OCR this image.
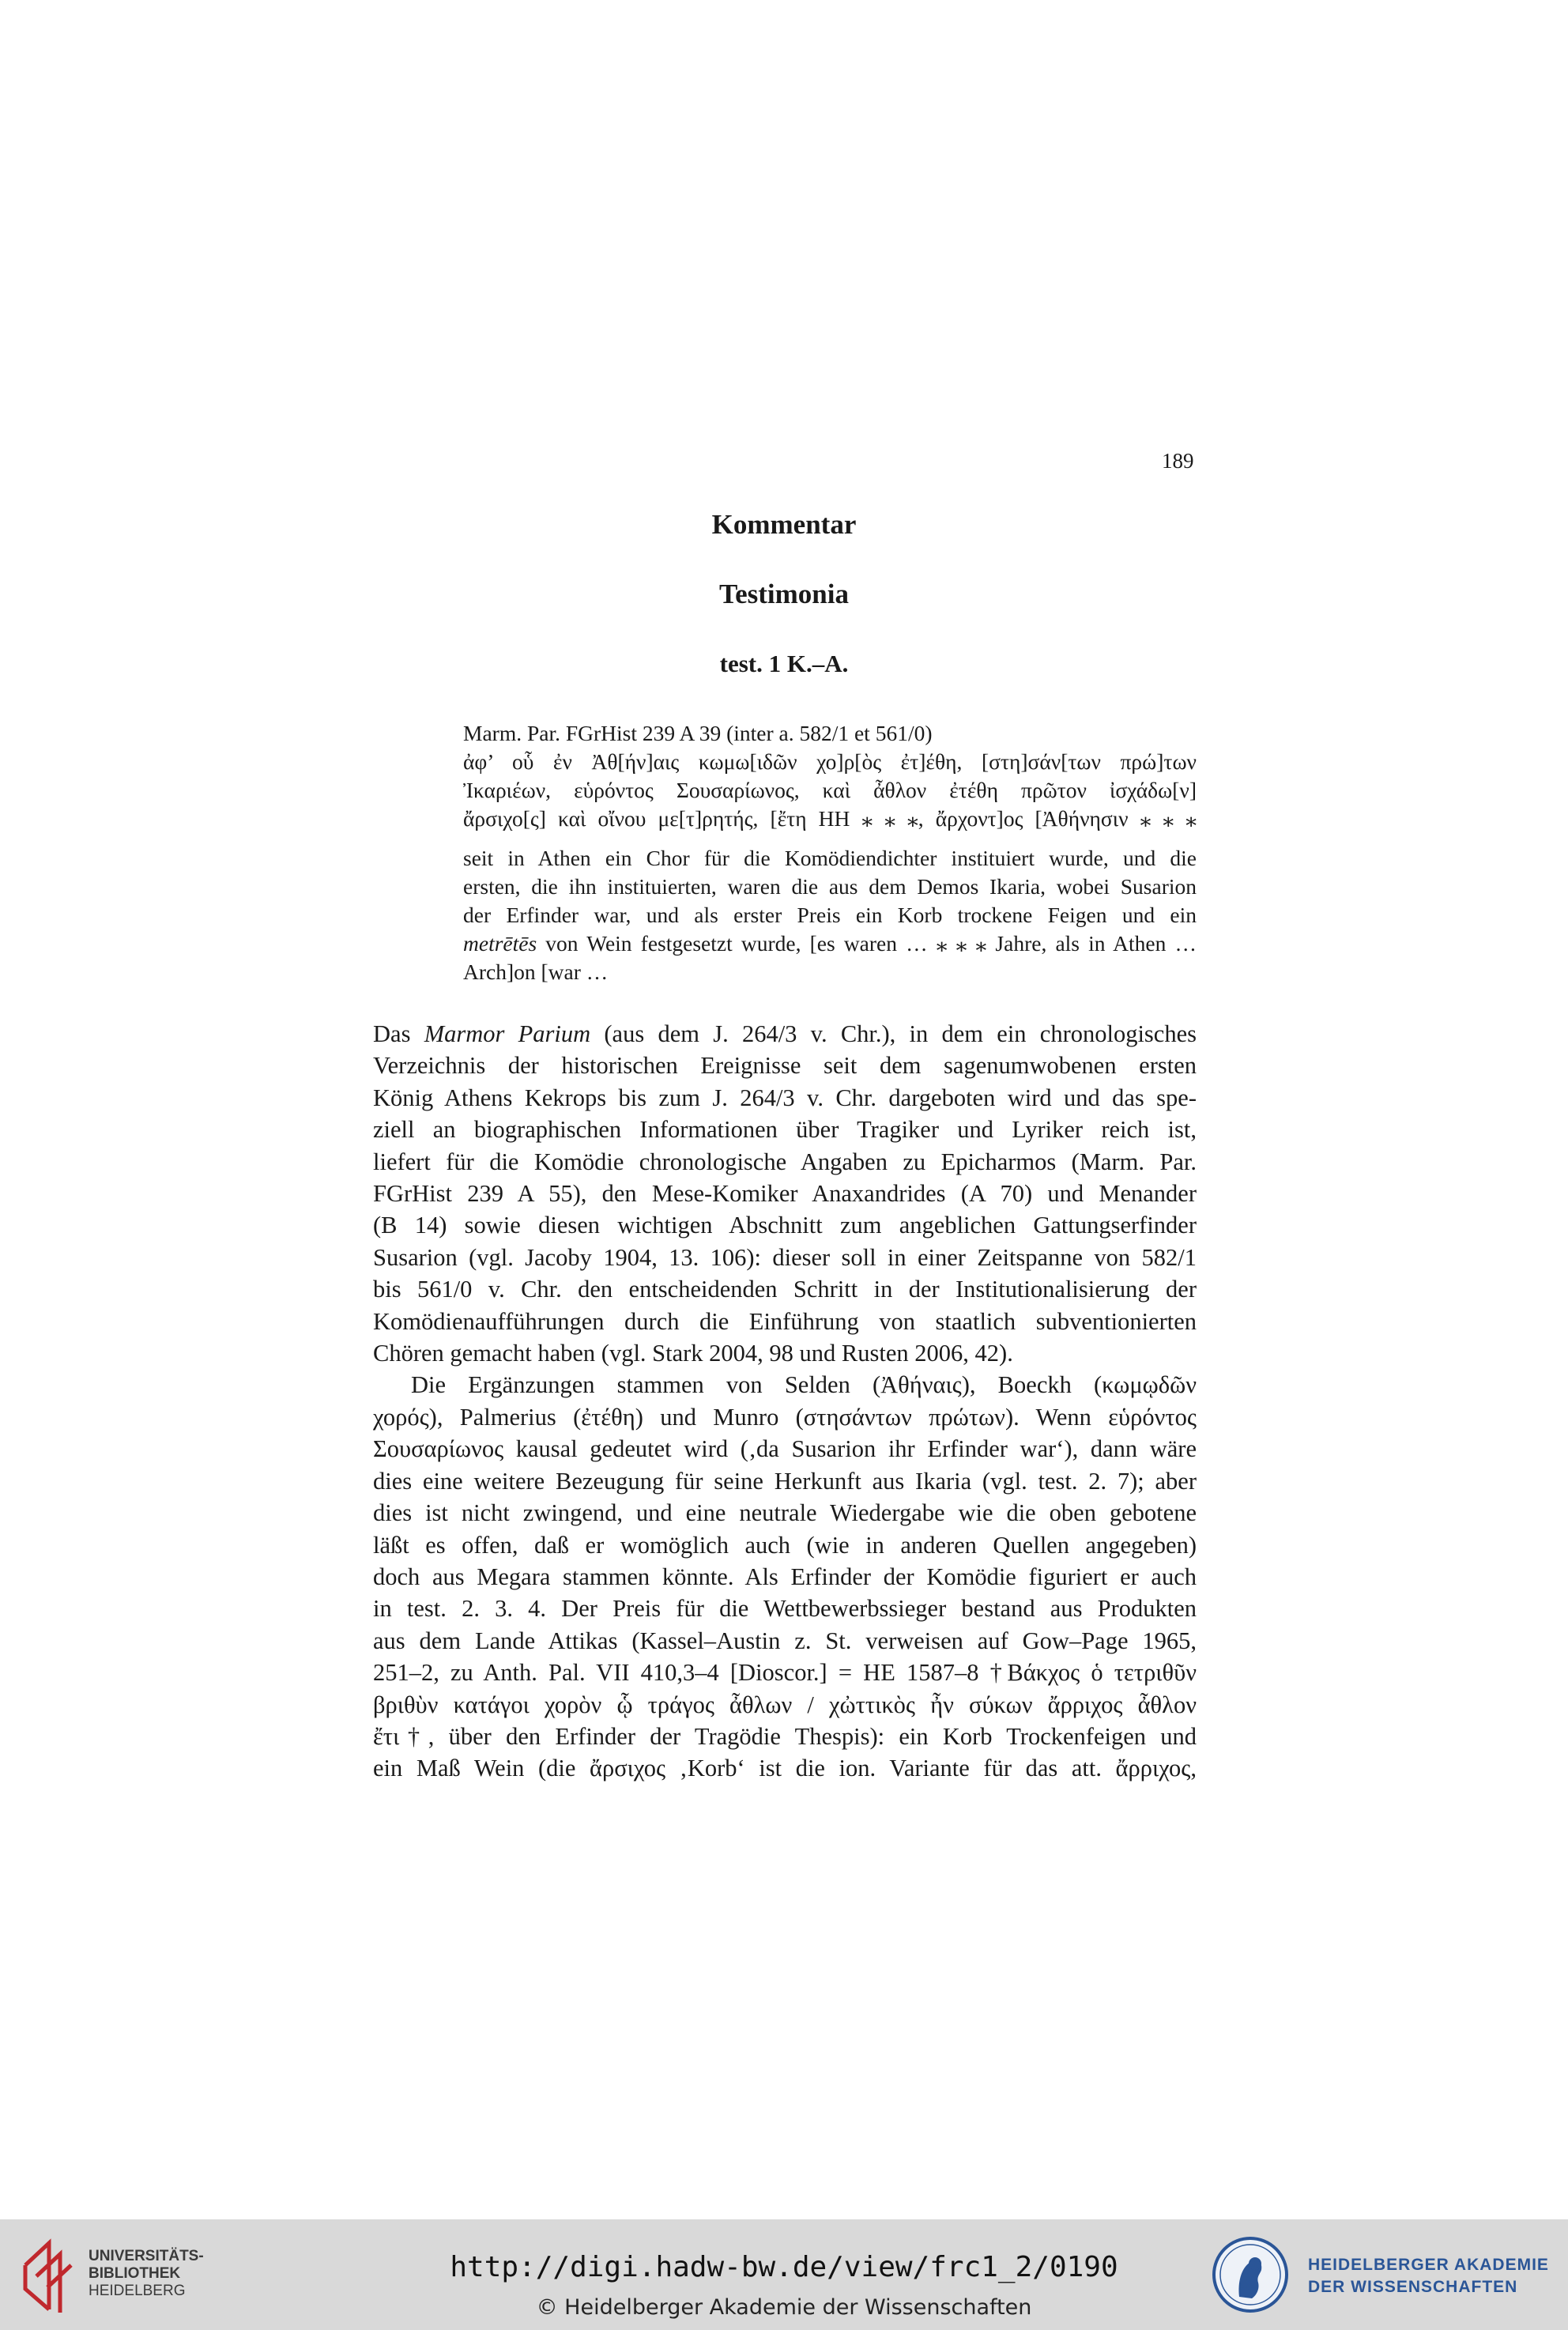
189
Kommentar
Testimonia
test. 1 K.–A.
Marm. Par. FGrHist 239 A 39 (inter a. 582/1 et 561/0)
ἀφ’ οὗ ἐν Ἀθ[ήν]αις κωμω[ιδῶν χο]ρ[ὸς ἐτ]έθη, [στη]σάν[των πρώ]των
Ἰκαριέων, εὑρόντος Σουσαρίωνος, καὶ ἆθλον ἐτέθη πρῶτον ἰσχάδω[ν]
ἄρσιχο[ς] καὶ οἴνου με[τ]ρητής, [ἔτη HH ⁎ ⁎ ⁎, ἄρχοντ]ος [Ἀθήνησιν ⁎ ⁎ ⁎
seit in Athen ein Chor für die Komödiendichter instituiert wurde, und die
ersten, die ihn instituierten, waren die aus dem Demos Ikaria, wobei Susarion
der Erfinder war, und als erster Preis ein Korb trockene Feigen und ein
metrētēs von Wein festgesetzt wurde, [es waren … ⁎ ⁎ ⁎ Jahre, als in Athen …
Arch]on [war …
Das Marmor Parium (aus dem J. 264/3 v. Chr.), in dem ein chronologisches
Verzeichnis der historischen Ereignisse seit dem sagenumwobenen ersten
König Athens Kekrops bis zum J. 264/3 v. Chr. dargeboten wird und das spe-
ziell an biographischen Informationen über Tragiker und Lyriker reich ist,
liefert für die Komödie chronologische Angaben zu Epicharmos (Marm. Par.
FGrHist 239 A 55), den Mese-Komiker Anaxandrides (A 70) und Menander
(B 14) sowie diesen wichtigen Abschnitt zum angeblichen Gattungserfinder
Susarion (vgl. Jacoby 1904, 13. 106): dieser soll in einer Zeitspanne von 582/1
bis 561/0 v. Chr. den entscheidenden Schritt in der Institutionalisierung der
Komödienaufführungen durch die Einführung von staatlich subventionierten
Chören gemacht haben (vgl. Stark 2004, 98 und Rusten 2006, 42).
Die Ergänzungen stammen von Selden (Ἀθήναις), Boeckh (κωμῳδῶν
χορός), Palmerius (ἐτέθη) und Munro (στησάντων πρώτων). Wenn εὑρόντος
Σουσαρίωνος kausal gedeutet wird (‚da Susarion ihr Erfinder war‘), dann wäre
dies eine weitere Bezeugung für seine Herkunft aus Ikaria (vgl. test. 2. 7); aber
dies ist nicht zwingend, und eine neutrale Wiedergabe wie die oben gebotene
läßt es offen, daß er womöglich auch (wie in anderen Quellen angegeben)
doch aus Megara stammen könnte. Als Erfinder der Komödie figuriert er auch
in test. 2. 3. 4. Der Preis für die Wettbewerbssieger bestand aus Produkten
aus dem Lande Attikas (Kassel–Austin z. St. verweisen auf Gow–Page 1965,
251–2, zu Anth. Pal. VII 410,3–4 [Dioscor.] = HE 1587–8 †Βάκχος ὁ τετριθῦν
βριθὺν κατάγοι χορὸν ᾧ τράγος ἆθλων / χὠττικὸς ἦν σύκων ἄρριχος ἆθλον
ἔτι†, über den Erfinder der Tragödie Thespis): ein Korb Trockenfeigen und
ein Maß Wein (die ἄρσιχος ‚Korb‘ ist die ion. Variante für das att. ἄρριχος,
UNIVERSITÄTS-
BIBLIOTHEK
HEIDELBERG
http://digi.hadw-bw.de/view/frc1_2/0190
© Heidelberger Akademie der Wissenschaften
HEIDELBERGER AKADEMIE
DER WISSENSCHAFTEN
